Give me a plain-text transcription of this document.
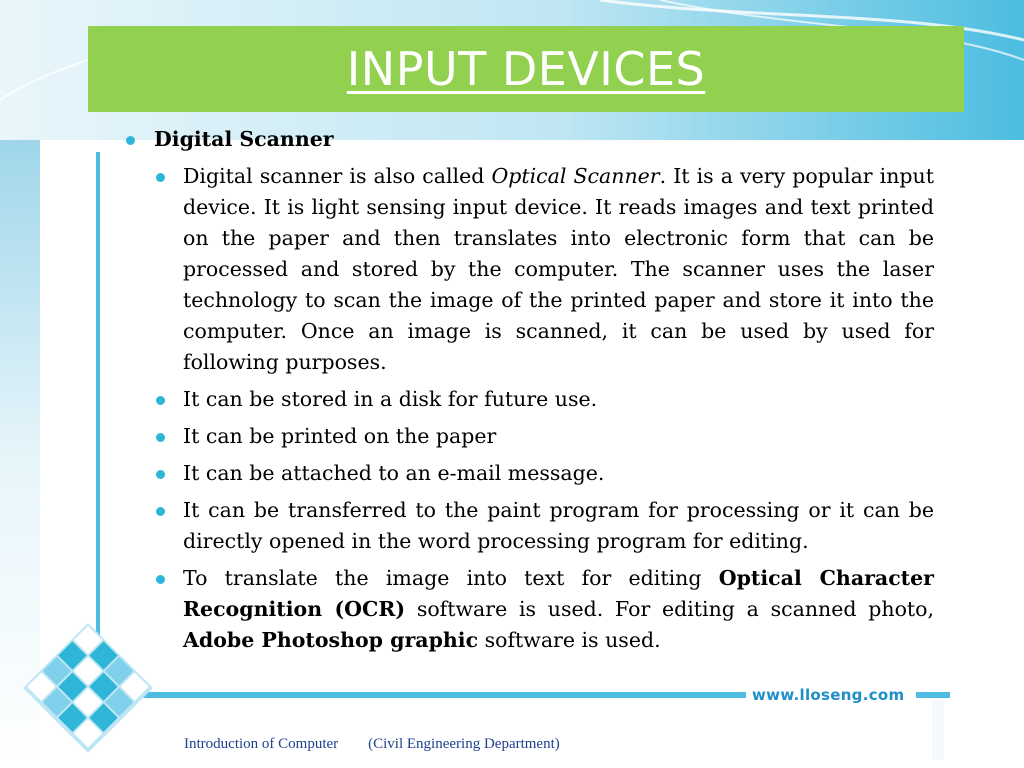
INPUT DEVICES
Digital Scanner
Digital scanner is also called Optical Scanner. It is a very popular input device. It is light sensing input device. It reads images and text printed on the paper and then translates into electronic form that can be processed and stored by the computer. The scanner uses the laser technology to scan the image of the printed paper and store it into the computer. Once an image is scanned, it can be used by used for following purposes.
It can be stored in a disk for future use.
It can be printed on the paper
It can be attached to an e-mail message.
It can be transferred to the paint program for processing or it can be directly opened in the word processing program for editing.
To translate the image into text for editing Optical Character Recognition (OCR) software is used. For editing a scanned photo, Adobe Photoshop graphic software is used.
www.lloseng.com
Introduction of Computer (Civil Engineering Department)
